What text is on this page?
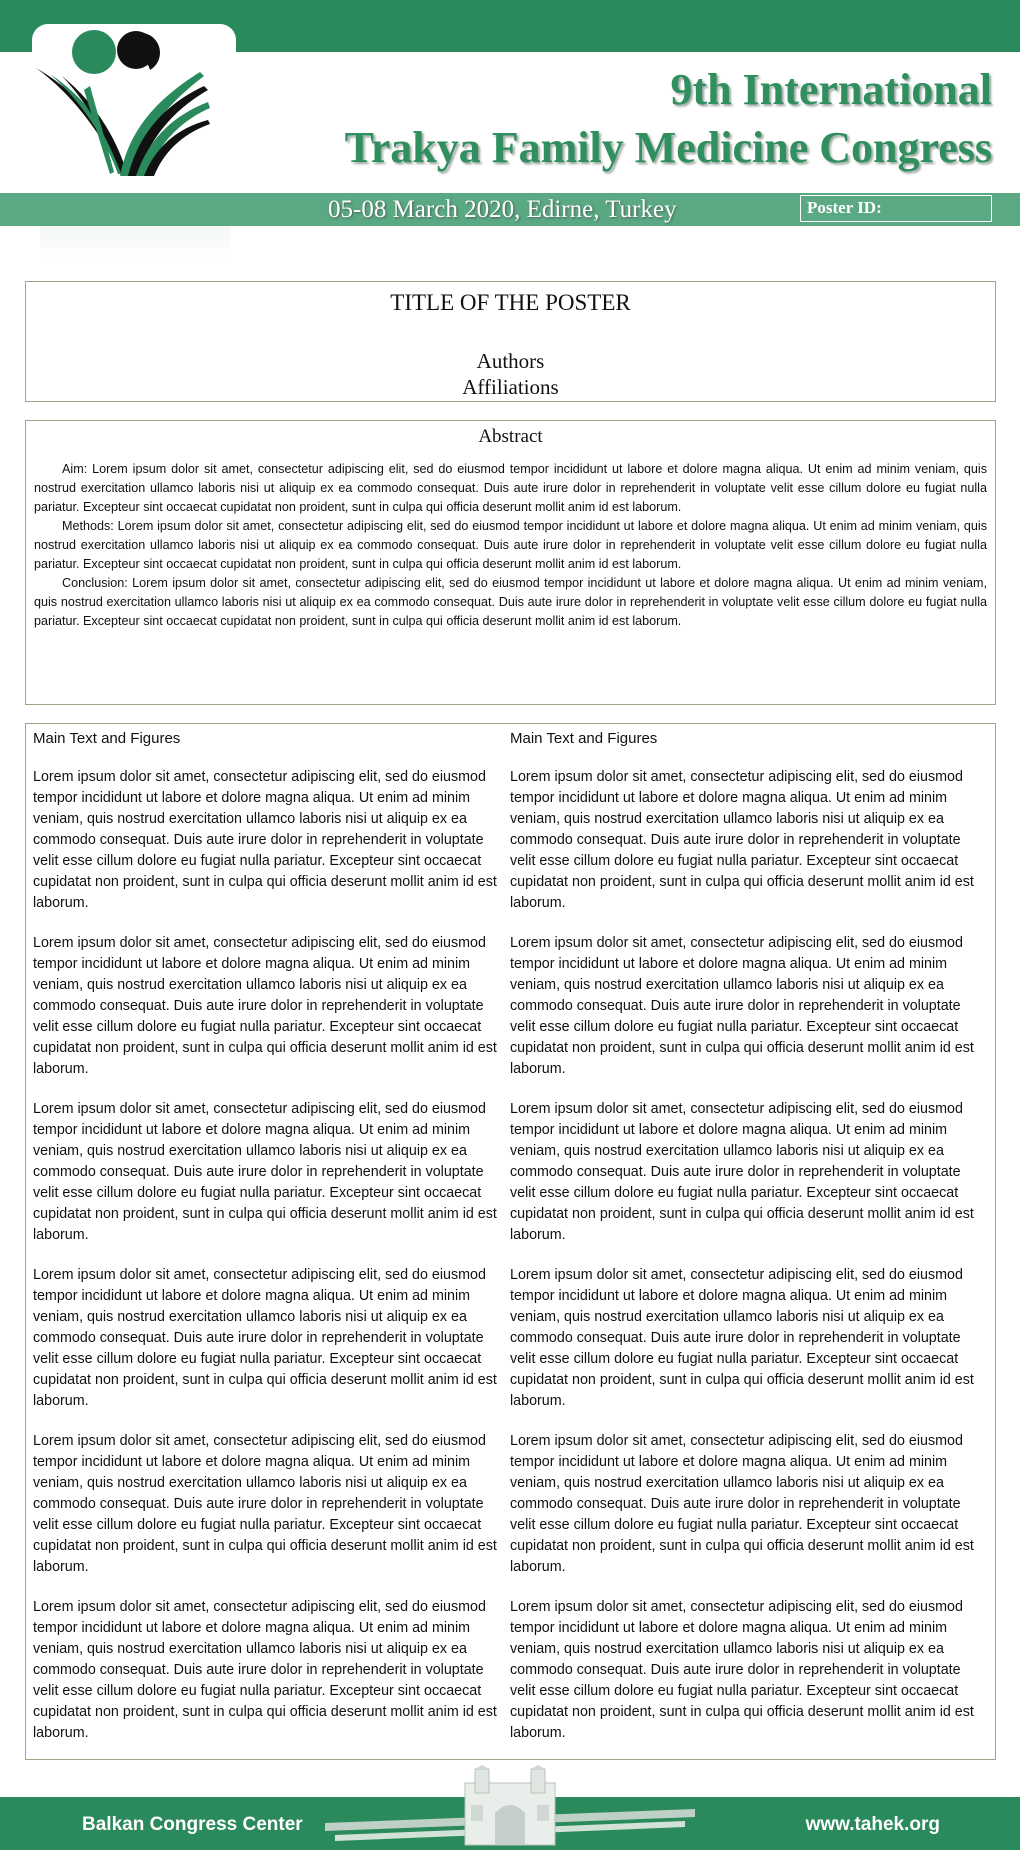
9th International
Trakya Family Medicine Congress
05-08 March 2020, Edirne, Turkey	Poster ID:
TITLE OF THE POSTER
Authors
Affiliations
Abstract

Aim: Lorem ipsum dolor sit amet, consectetur adipiscing elit, sed do eiusmod tempor incididunt ut labore et dolore magna aliqua. Ut enim ad minim veniam, quis nostrud exercitation ullamco laboris nisi ut aliquip ex ea commodo consequat. Duis aute irure dolor in reprehenderit in voluptate velit esse cillum dolore eu fugiat nulla pariatur. Excepteur sint occaecat cupidatat non proident, sunt in culpa qui officia deserunt mollit anim id est laborum.

Methods: Lorem ipsum dolor sit amet, consectetur adipiscing elit, sed do eiusmod tempor incididunt ut labore et dolore magna aliqua. Ut enim ad minim veniam, quis nostrud exercitation ullamco laboris nisi ut aliquip ex ea commodo consequat. Duis aute irure dolor in reprehenderit in voluptate velit esse cillum dolore eu fugiat nulla pariatur. Excepteur sint occaecat cupidatat non proident, sunt in culpa qui officia deserunt mollit anim id est laborum.

Conclusion: Lorem ipsum dolor sit amet, consectetur adipiscing elit, sed do eiusmod tempor incididunt ut labore et dolore magna aliqua. Ut enim ad minim veniam, quis nostrud exercitation ullamco laboris nisi ut aliquip ex ea commodo consequat. Duis aute irure dolor in reprehenderit in voluptate velit esse cillum dolore eu fugiat nulla pariatur. Excepteur sint occaecat cupidatat non proident, sunt in culpa qui officia deserunt mollit anim id est laborum.

Main Text and Figures

Lorem ipsum dolor sit amet, consectetur adipiscing elit, sed do eiusmod tempor incididunt ut labore et dolore magna aliqua. Ut enim ad minim veniam, quis nostrud exercitation ullamco laboris nisi ut aliquip ex ea commodo consequat. Duis aute irure dolor in reprehenderit in voluptate velit esse cillum dolore eu fugiat nulla pariatur. Excepteur sint occaecat cupidatat non proident, sunt in culpa qui officia deserunt mollit anim id est laborum.

Lorem ipsum dolor sit amet, consectetur adipiscing elit, sed do eiusmod tempor incididunt ut labore et dolore magna aliqua. Ut enim ad minim veniam, quis nostrud exercitation ullamco laboris nisi ut aliquip ex ea commodo consequat. Duis aute irure dolor in reprehenderit in voluptate velit esse cillum dolore eu fugiat nulla pariatur. Excepteur sint occaecat cupidatat non proident, sunt in culpa qui officia deserunt mollit anim id est laborum.

Lorem ipsum dolor sit amet, consectetur adipiscing elit, sed do eiusmod tempor incididunt ut labore et dolore magna aliqua. Ut enim ad minim veniam, quis nostrud exercitation ullamco laboris nisi ut aliquip ex ea commodo consequat. Duis aute irure dolor in reprehenderit in voluptate velit esse cillum dolore eu fugiat nulla pariatur. Excepteur sint occaecat cupidatat non proident, sunt in culpa qui officia deserunt mollit anim id est laborum.

Lorem ipsum dolor sit amet, consectetur adipiscing elit, sed do eiusmod tempor incididunt ut labore et dolore magna aliqua. Ut enim ad minim veniam, quis nostrud exercitation ullamco laboris nisi ut aliquip ex ea commodo consequat. Duis aute irure dolor in reprehenderit in voluptate velit esse cillum dolore eu fugiat nulla pariatur. Excepteur sint occaecat cupidatat non proident, sunt in culpa qui officia deserunt mollit anim id est laborum.

Lorem ipsum dolor sit amet, consectetur adipiscing elit, sed do eiusmod tempor incididunt ut labore et dolore magna aliqua. Ut enim ad minim veniam, quis nostrud exercitation ullamco laboris nisi ut aliquip ex ea commodo consequat. Duis aute irure dolor in reprehenderit in voluptate velit esse cillum dolore eu fugiat nulla pariatur. Excepteur sint occaecat cupidatat non proident, sunt in culpa qui officia deserunt mollit anim id est laborum.

Lorem ipsum dolor sit amet, consectetur adipiscing elit, sed do eiusmod tempor incididunt ut labore et dolore magna aliqua. Ut enim ad minim veniam, quis nostrud exercitation ullamco laboris nisi ut aliquip ex ea commodo consequat. Duis aute irure dolor in reprehenderit in voluptate velit esse cillum dolore eu fugiat nulla pariatur. Excepteur sint occaecat cupidatat non proident, sunt in culpa qui officia deserunt mollit anim id est laborum.

Main Text and Figures

Lorem ipsum dolor sit amet, consectetur adipiscing elit, sed do eiusmod tempor incididunt ut labore et dolore magna aliqua. Ut enim ad minim veniam, quis nostrud exercitation ullamco laboris nisi ut aliquip ex ea commodo consequat. Duis aute irure dolor in reprehenderit in voluptate velit esse cillum dolore eu fugiat nulla pariatur. Excepteur sint occaecat cupidatat non proident, sunt in culpa qui officia deserunt mollit anim id est laborum.

Lorem ipsum dolor sit amet, consectetur adipiscing elit, sed do eiusmod tempor incididunt ut labore et dolore magna aliqua. Ut enim ad minim veniam, quis nostrud exercitation ullamco laboris nisi ut aliquip ex ea commodo consequat. Duis aute irure dolor in reprehenderit in voluptate velit esse cillum dolore eu fugiat nulla pariatur. Excepteur sint occaecat cupidatat non proident, sunt in culpa qui officia deserunt mollit anim id est laborum.

Lorem ipsum dolor sit amet, consectetur adipiscing elit, sed do eiusmod tempor incididunt ut labore et dolore magna aliqua. Ut enim ad minim veniam, quis nostrud exercitation ullamco laboris nisi ut aliquip ex ea commodo consequat. Duis aute irure dolor in reprehenderit in voluptate velit esse cillum dolore eu fugiat nulla pariatur. Excepteur sint occaecat cupidatat non proident, sunt in culpa qui officia deserunt mollit anim id est laborum.

Lorem ipsum dolor sit amet, consectetur adipiscing elit, sed do eiusmod tempor incididunt ut labore et dolore magna aliqua. Ut enim ad minim veniam, quis nostrud exercitation ullamco laboris nisi ut aliquip ex ea commodo consequat. Duis aute irure dolor in reprehenderit in voluptate velit esse cillum dolore eu fugiat nulla pariatur. Excepteur sint occaecat cupidatat non proident, sunt in culpa qui officia deserunt mollit anim id est laborum.

Lorem ipsum dolor sit amet, consectetur adipiscing elit, sed do eiusmod tempor incididunt ut labore et dolore magna aliqua. Ut enim ad minim veniam, quis nostrud exercitation ullamco laboris nisi ut aliquip ex ea commodo consequat. Duis aute irure dolor in reprehenderit in voluptate velit esse cillum dolore eu fugiat nulla pariatur. Excepteur sint occaecat cupidatat non proident, sunt in culpa qui officia deserunt mollit anim id est laborum.

Lorem ipsum dolor sit amet, consectetur adipiscing elit, sed do eiusmod tempor incididunt ut labore et dolore magna aliqua. Ut enim ad minim veniam, quis nostrud exercitation ullamco laboris nisi ut aliquip ex ea commodo consequat. Duis aute irure dolor in reprehenderit in voluptate velit esse cillum dolore eu fugiat nulla pariatur. Excepteur sint occaecat cupidatat non proident, sunt in culpa qui officia deserunt mollit anim id est laborum.

Balkan Congress Center	www.tahek.org
